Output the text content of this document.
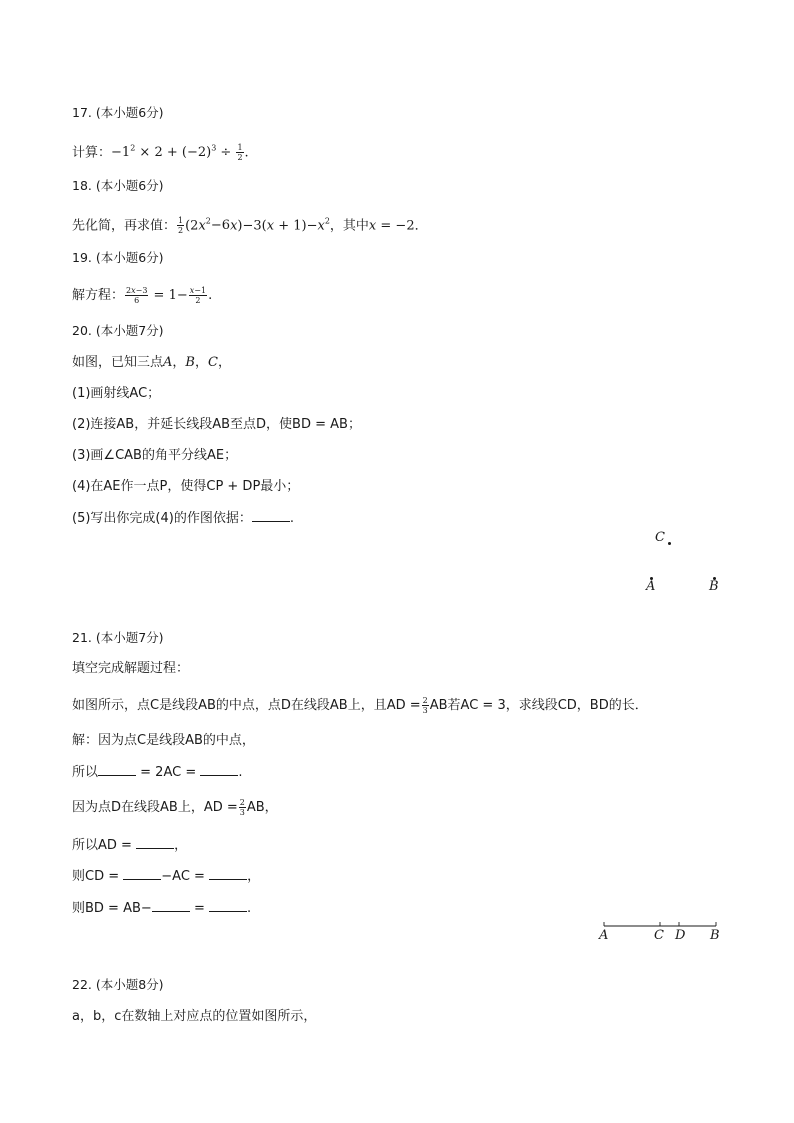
17. (本小题6分)
计算：$-1^2 \times 2 + (-2)^3 \div \frac{1}{2}$ .
18. (本小题6分)
先化简，再求值： $\frac{1}{2} (2x^2-6x)-3(x + 1)-x^2$，其中x = −2．
19. (本小题6分)
解方程： $\frac{2x-3}{6} = 1- \frac{x-1}{2}$ .
20. (本小题7分)
如图，已知三点A，B，C，
(1)画射线AC；
(2)连接AB，并延长线段AB至点D，使BD = AB；
(3)画∠CAB的角平分线AE；
(4)在AE作一点P，使得CP + DP最小；
(5)写出你完成(4)的作图依据：	.
C
A	B
21. (本小题7分)
填空完成解题过程：
如图所示，点C是线段AB的中点，点D在线段AB上，且AD = $\frac{2}{3}$ AB若AC = 3，求线段CD，BD的长．
解：因为点C是线段AB的中点，
所以	= 2AC =	.
因为点D在线段AB上，AD = $\frac{2}{3}$ AB，
所以AD =	，
则CD =	−AC =	，
则BD = AB−	=	.
A	C D B
22. (本小题8分)
a，b，c在数轴上对应点的位置如图所示，
